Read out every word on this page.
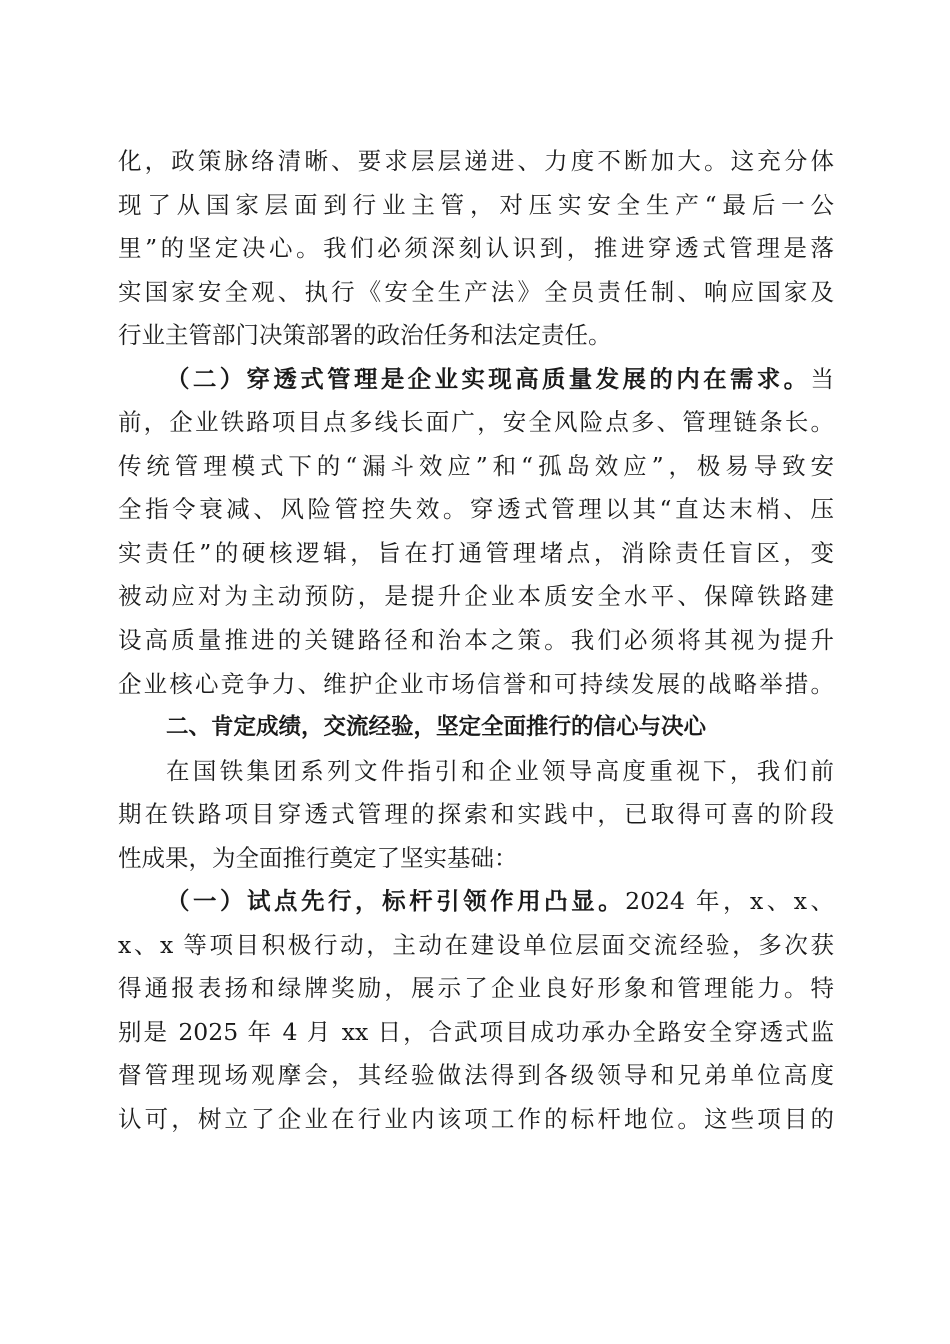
化，政策脉络清晰、要求层层递进、力度不断加大。这充分体
现了从国家层面到行业主管，对压实安全生产“最后一公
里”的坚定决心。我们必须深刻认识到，推进穿透式管理是落
实国家安全观、执行《安全生产法》全员责任制、响应国家及
行业主管部门决策部署的政治任务和法定责任。
（二）穿透式管理是企业实现高质量发展的内在需求。当
前，企业铁路项目点多线长面广，安全风险点多、管理链条长。
传统管理模式下的“漏斗效应”和“孤岛效应”，极易导致安
全指令衰减、风险管控失效。穿透式管理以其“直达末梢、压
实责任”的硬核逻辑，旨在打通管理堵点，消除责任盲区，变
被动应对为主动预防，是提升企业本质安全水平、保障铁路建
设高质量推进的关键路径和治本之策。我们必须将其视为提升
企业核心竞争力、维护企业市场信誉和可持续发展的战略举措。
二、肯定成绩，交流经验，坚定全面推行的信心与决心
在国铁集团系列文件指引和企业领导高度重视下，我们前
期在铁路项目穿透式管理的探索和实践中，已取得可喜的阶段
性成果，为全面推行奠定了坚实基础：
（一）试点先行，标杆引领作用凸显。2024 年，x、x、
x、x 等项目积极行动，主动在建设单位层面交流经验，多次获
得通报表扬和绿牌奖励，展示了企业良好形象和管理能力。特
别是 2025 年 4 月 xx 日，合武项目成功承办全路安全穿透式监
督管理现场观摩会，其经验做法得到各级领导和兄弟单位高度
认可，树立了企业在行业内该项工作的标杆地位。这些项目的
